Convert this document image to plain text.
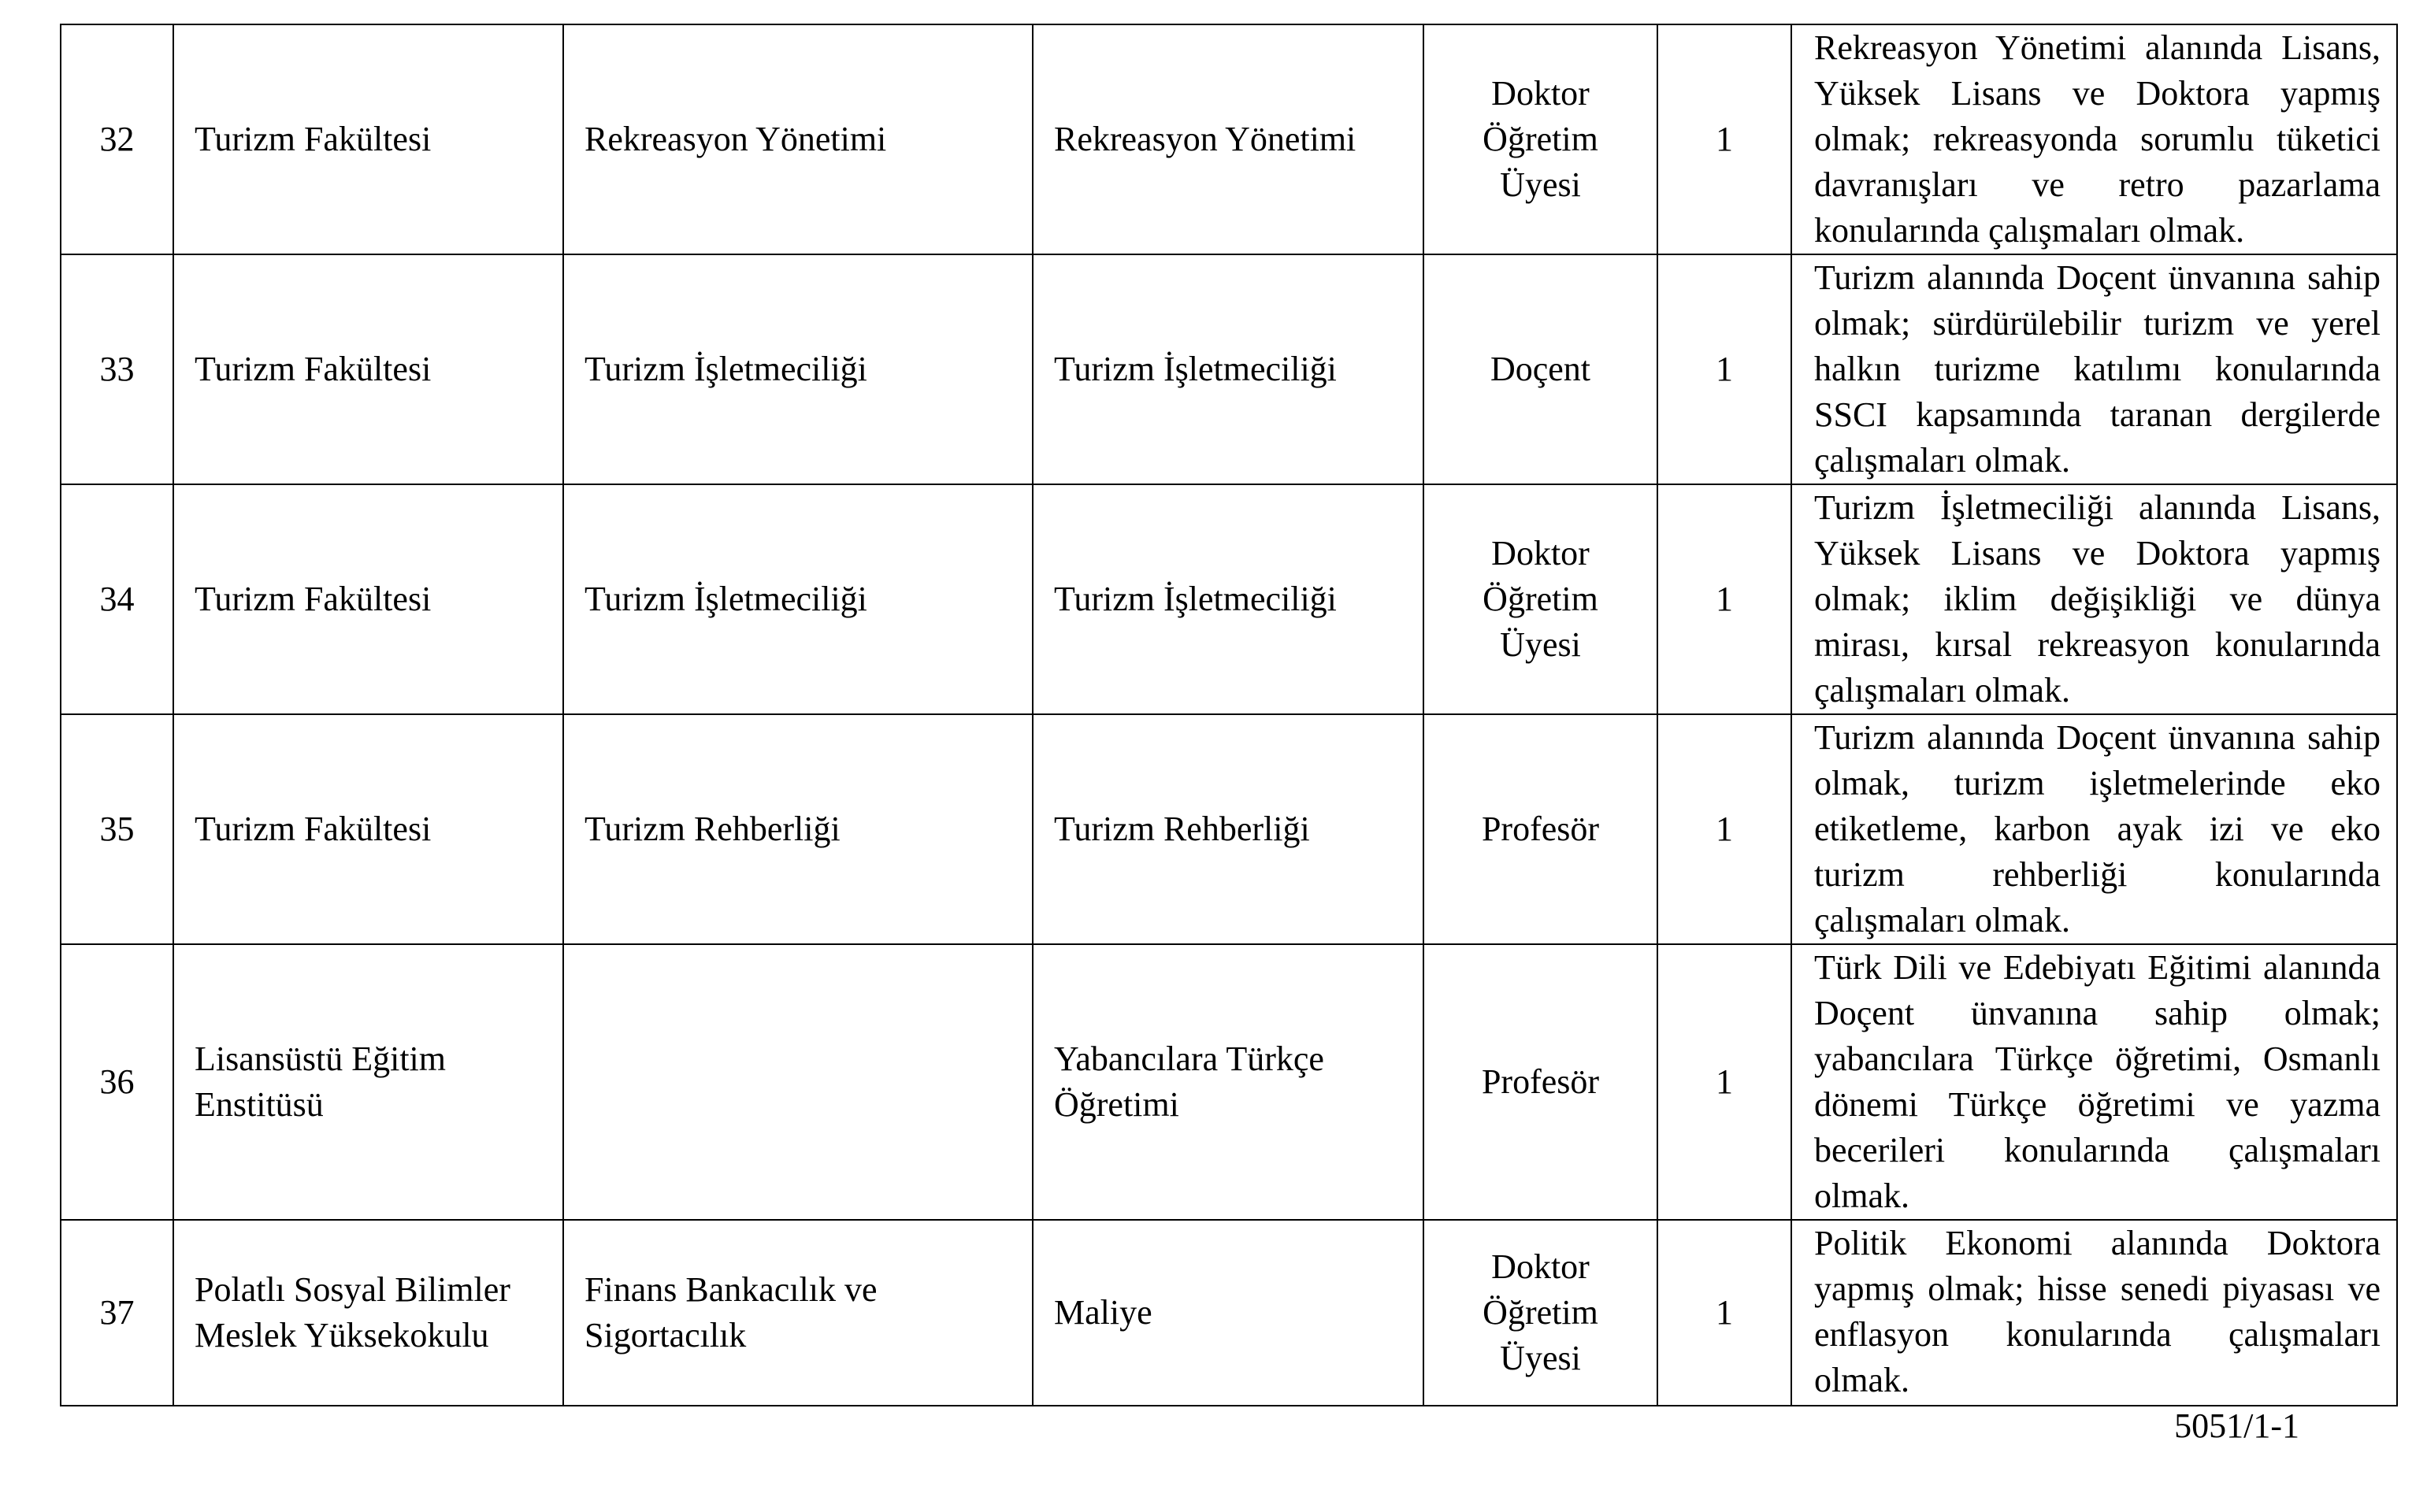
32	Turizm Fakültesi	Rekreasyon Yönetimi	Rekreasyon Yönetimi	Doktor
Öğretim
Üyesi	1	Rekreasyon Yönetimi alanında Lisans, Yüksek Lisans ve Doktora yapmış olmak; rekreasyonda sorumlu tüketici davranışları ve retro pazarlama konularında çalışmaları olmak.
33	Turizm Fakültesi	Turizm İşletmeciliği	Turizm İşletmeciliği	Doçent	1	Turizm alanında Doçent ünvanına sahip olmak; sürdürülebilir turizm ve yerel halkın turizme katılımı konularında SSCI kapsamında taranan dergilerde çalışmaları olmak.
34	Turizm Fakültesi	Turizm İşletmeciliği	Turizm İşletmeciliği	Doktor
Öğretim
Üyesi	1	Turizm İşletmeciliği alanında Lisans, Yüksek Lisans ve Doktora yapmış olmak; iklim değişikliği ve dünya mirası, kırsal rekreasyon konularında çalışmaları olmak.
35	Turizm Fakültesi	Turizm Rehberliği	Turizm Rehberliği	Profesör	1	Turizm alanında Doçent ünvanına sahip olmak, turizm işletmelerinde eko etiketleme, karbon ayak izi ve eko turizm rehberliği konularında çalışmaları olmak.
36	Lisansüstü Eğitim
Enstitüsü		Yabancılara Türkçe
Öğretimi	Profesör	1	Türk Dili ve Edebiyatı Eğitimi alanında Doçent ünvanına sahip olmak; yabancılara Türkçe öğretimi, Osmanlı dönemi Türkçe öğretimi ve yazma becerileri konularında çalışmaları olmak.
37	Polatlı Sosyal Bilimler
Meslek Yüksekokulu	Finans Bankacılık ve
Sigortacılık	Maliye	Doktor
Öğretim
Üyesi	1	Politik Ekonomi alanında Doktora yapmış olmak; hisse senedi piyasası ve enflasyon konularında çalışmaları olmak.
5051/1-1
